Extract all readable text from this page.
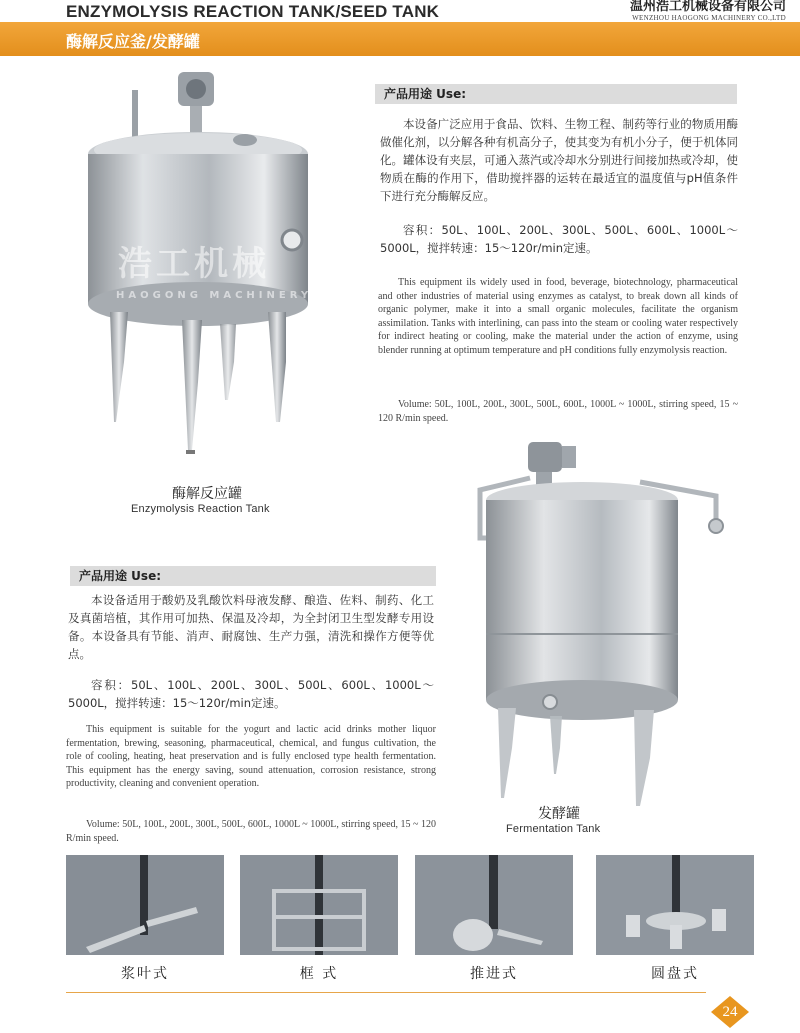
ENZYMOLYSIS REACTION TANK/SEED TANK	温州浩工机械设备有限公司
WENZHOU HAOGONG MACHINERY CO.,LTD
酶解反应釜/发酵罐
浩工机械
HAOGONG MACHINERY
酶解反应罐
Enzymolysis Reaction Tank
产品用途 Use:
本设备广泛应用于食品、饮料、生物工程、制药等行业的物质用酶做催化剂，以分解各种有机高分子，使其变为有机小分子，便于机体同化。罐体设有夹层，可通入蒸汽或冷却水分别进行间接加热或冷却，使物质在酶的作用下，借助搅拌器的运转在最适宜的温度值与pH值条件下进行充分酶解反应。
容积：50L、100L、200L、300L、500L、600L、1000L～5000L，搅拌转速：15～120r/min定速。
This equipment ils widely used in food, beverage, biotechnology, pharmaceutical and other industries of material using enzymes as catalyst, to break down all kinds of organic polymer, make it into a small organic molecules, facilitate the organism assimilation. Tanks with interlining, can pass into the steam or cooling water respectively for indirect heating or cooling, make the material under the action of enzyme, using blender running at optimum temperature and pH conditions fully enzymolysis reaction.
Volume: 50L, 100L, 200L, 300L, 500L, 600L, 1000L ~ 1000L, stirring speed, 15 ~ 120 R/min speed.
产品用途 Use:
本设备适用于酸奶及乳酸饮料母液发酵、酿造、佐料、制药、化工及真菌培植，其作用可加热、保温及冷却，为全封闭卫生型发酵专用设备。本设备具有节能、消声、耐腐蚀、生产力强，清洗和操作方便等优点。
容积：50L、100L、200L、300L、500L、600L、1000L～5000L，搅拌转速：15～120r/min定速。
This equipment is suitable for the yogurt and lactic acid drinks mother liquor fermentation, brewing, seasoning, pharmaceutical, chemical, and fungus cultivation, the role of cooling, heating, heat preservation and is fully enclosed type health fermentation. This equipment has the energy saving, sound attenuation, corrosion resistance, strong productivity, cleaning and convenient operation.
Volume: 50L, 100L, 200L, 300L, 500L, 600L, 1000L ~ 1000L, stirring speed, 15 ~ 120 R/min speed.
发酵罐
Fermentation Tank
浆叶式	框 式	推进式	圆盘式
24
